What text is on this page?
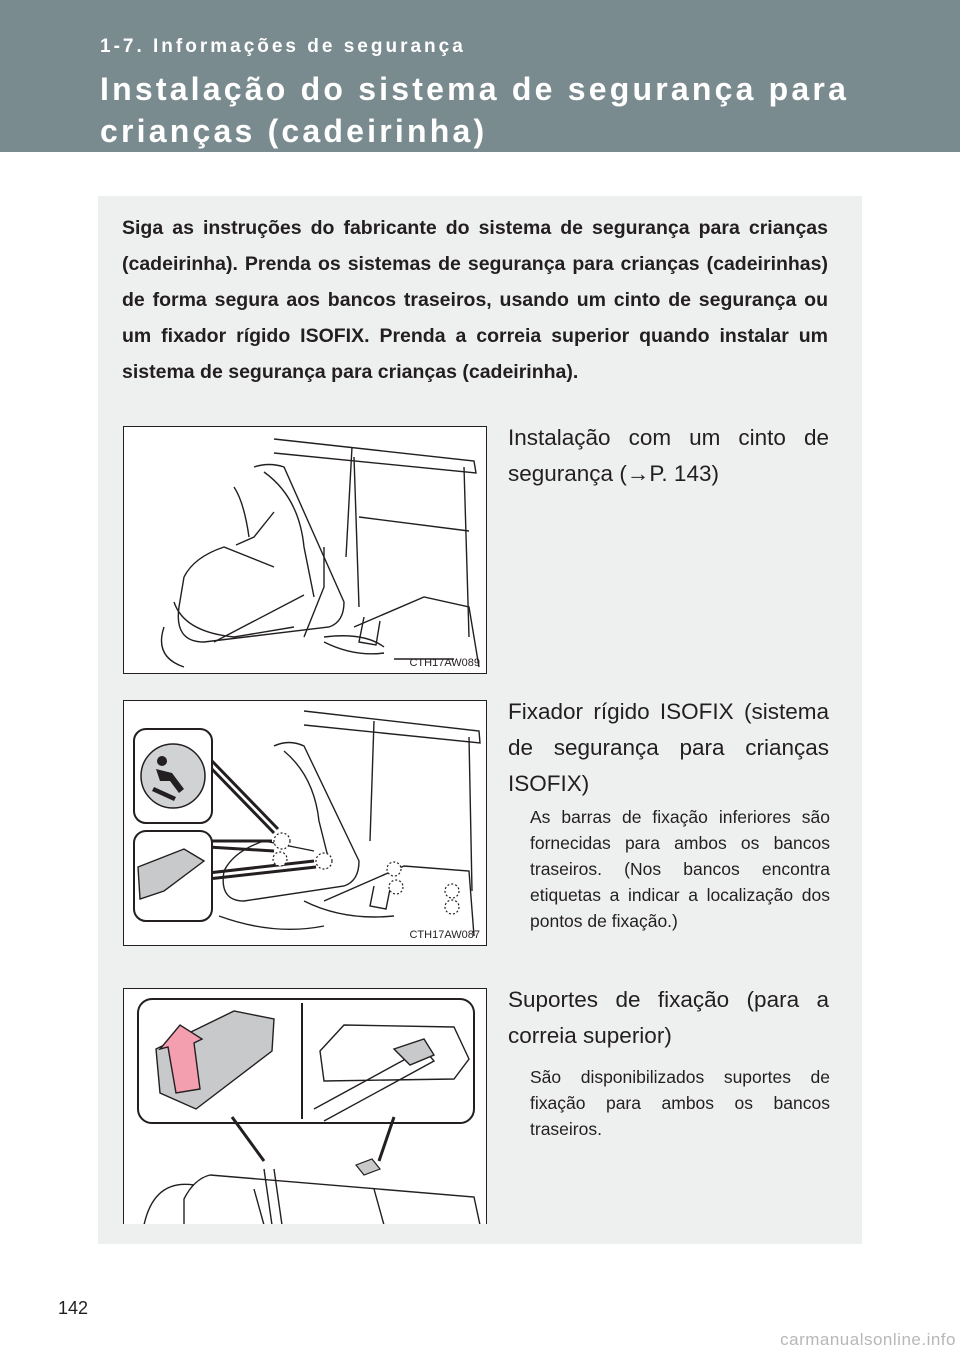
1-7. Informações de segurança
Instalação do sistema de segurança para crianças (cadeirinha)

Siga as instruções do fabricante do sistema de segurança para crianças (cadeirinha). Prenda os sistemas de segurança para crianças (cadeirinhas) de forma segura aos bancos traseiros, usando um cinto de segurança ou um fixador rígido ISOFIX. Prenda a correia superior quando instalar um sistema de segurança para crianças (cadeirinha).

CTH17AW089

Instalação com um cinto de segurança (→P. 143)

CTH17AW087

Fixador rígido ISOFIX (sistema de segurança para crianças ISOFIX)

As barras de fixação inferiores são fornecidas para ambos os bancos traseiros. (Nos bancos encontra etiquetas a indicar a localização dos pontos de fixação.)

Suportes de fixação (para a correia superior)

São disponibilizados suportes de fixação para ambos os bancos traseiros.

142
carmanualsonline.info
